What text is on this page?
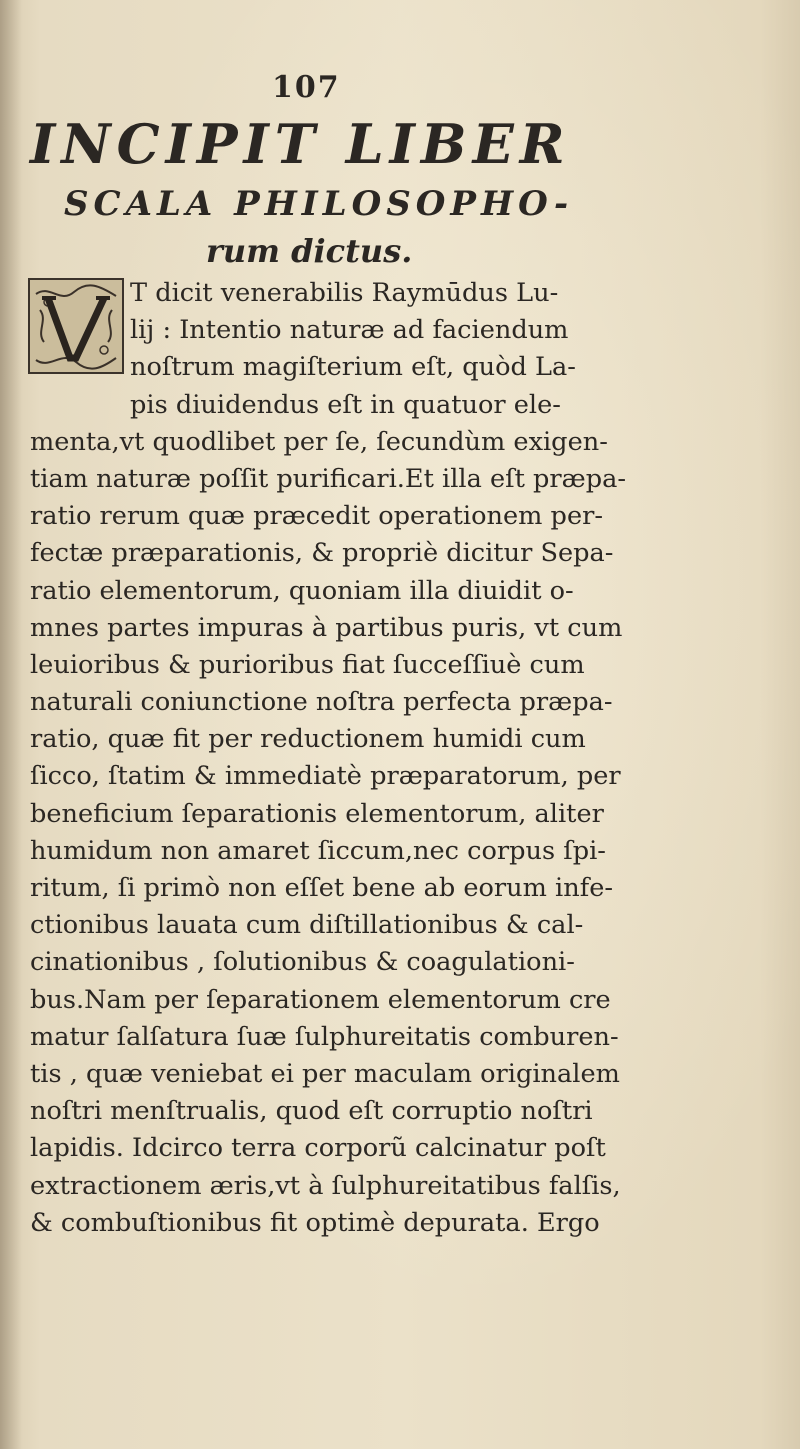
107
INCIPIT LIBER
SCALA PHILOSOPHO-
rum dictus.
T dicit venerabilis Raymūdus Lu-
lij : Intentio naturæ ad faciendum
noſtrum magiſterium eſt, quòd La-
pis diuidendus eſt in quatuor ele-
menta,vt quodlibet per ſe, ſecundùm exigen-
tiam naturæ poſſit purificari.Et illa eſt præpa-
ratio rerum quæ præcedit operationem per-
fectæ præparationis, & propriè dicitur Sepa-
ratio elementorum, quoniam illa diuidit o-
mnes partes impuras à partibus puris, vt cum
leuioribus & purioribus fiat ſucceſſiuè cum
naturali coniunctione noſtra perfecta præpa-
ratio, quæ fit per reductionem humidi cum
ſicco, ſtatim & immediatè præparatorum, per
beneficium ſeparationis elementorum, aliter
humidum non amaret ſiccum,nec corpus ſpi-
ritum, ſi primò non eſſet bene ab eorum infe-
ctionibus lauata cum diſtillationibus & cal-
cinationibus , ſolutionibus & coagulationi-
bus.Nam per ſeparationem elementorum cre
matur ſalſatura ſuæ ſulphureitatis comburen-
tis , quæ veniebat ei per maculam originalem
noſtri menſtrualis, quod eſt corruptio noſtri
lapidis. Idcirco terra corporũ calcinatur poſt
extractionem æris,vt à ſulphureitatibus falſis,
& combuſtionibus fit optimè depurata. Ergo
